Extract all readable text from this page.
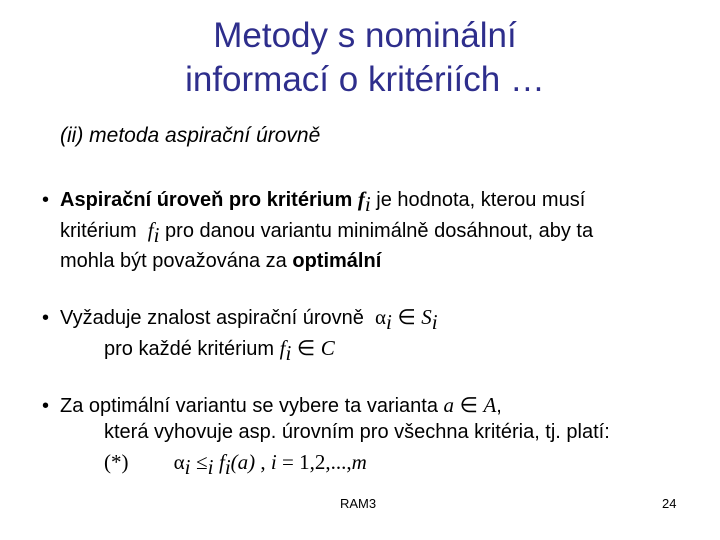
Metody s nominální
informací o kritériích …
(ii) metoda aspirační úrovně
• Aspirační úroveň pro kritérium $f_i$ je hodnota, kterou musí
kritérium $f_i$ pro danou variantu minimálně dosáhnout, aby ta
mohla být považována za optimální
• Vyžaduje znalost aspirační úrovně $\alpha_i$ ∈ $S_i$
pro každé kritérium $f_i$ ∈ C
• Za optimální variantu se vybere ta varianta a ∈ A,
která vyhovuje asp. úrovním pro všechna kritéria, tj. platí:
(*) $\alpha_i \le_i$ $f_i(a)$ , i = 1,2,...,m
RAM3	24
